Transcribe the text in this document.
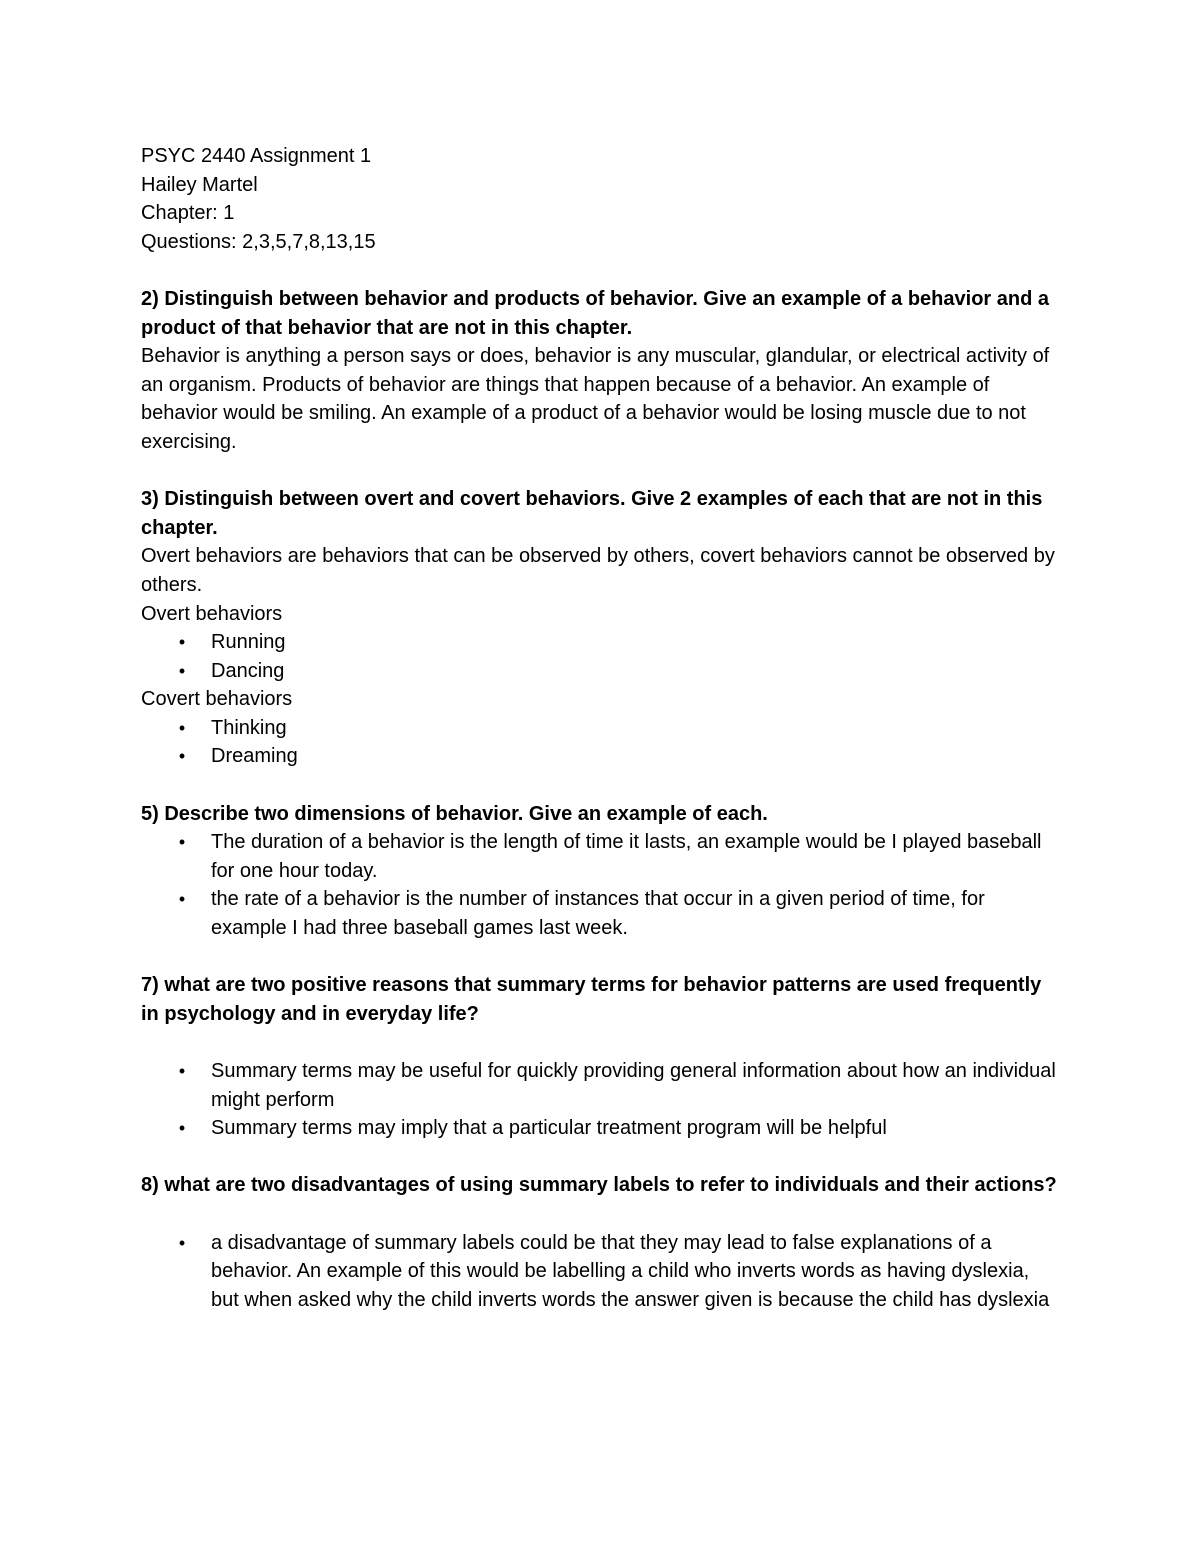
PSYC 2440 Assignment 1

Hailey Martel

Chapter: 1

Questions: 2,3,5,7,8,13,15

2) Distinguish between behavior and products of behavior. Give an example of a behavior and a product of that behavior that are not in this chapter.

Behavior is anything a person says or does, behavior is any muscular, glandular, or electrical activity of an organism. Products of behavior are things that happen because of a behavior. An example of behavior would be smiling. An example of a product of a behavior would be losing muscle due to not exercising.

3) Distinguish between overt and covert behaviors. Give 2 examples of each that are not in this chapter.

Overt behaviors are behaviors that can be observed by others, covert behaviors cannot be observed by others.

Overt behaviors

• Running
• Dancing

Covert behaviors

• Thinking
• Dreaming

5) Describe two dimensions of behavior. Give an example of each.

• The duration of a behavior is the length of time it lasts, an example would be I played baseball for one hour today.
• the rate of a behavior is the number of instances that occur in a given period of time, for example I had three baseball games last week.

7) what are two positive reasons that summary terms for behavior patterns are used frequently in psychology and in everyday life?

• Summary terms may be useful for quickly providing general information about how an individual might perform
• Summary terms may imply that a particular treatment program will be helpful

8) what are two disadvantages of using summary labels to refer to individuals and their actions?

• a disadvantage of summary labels could be that they may lead to false explanations of a behavior. An example of this would be labelling a child who inverts words as having dyslexia, but when asked why the child inverts words the answer given is because the child has dyslexia
